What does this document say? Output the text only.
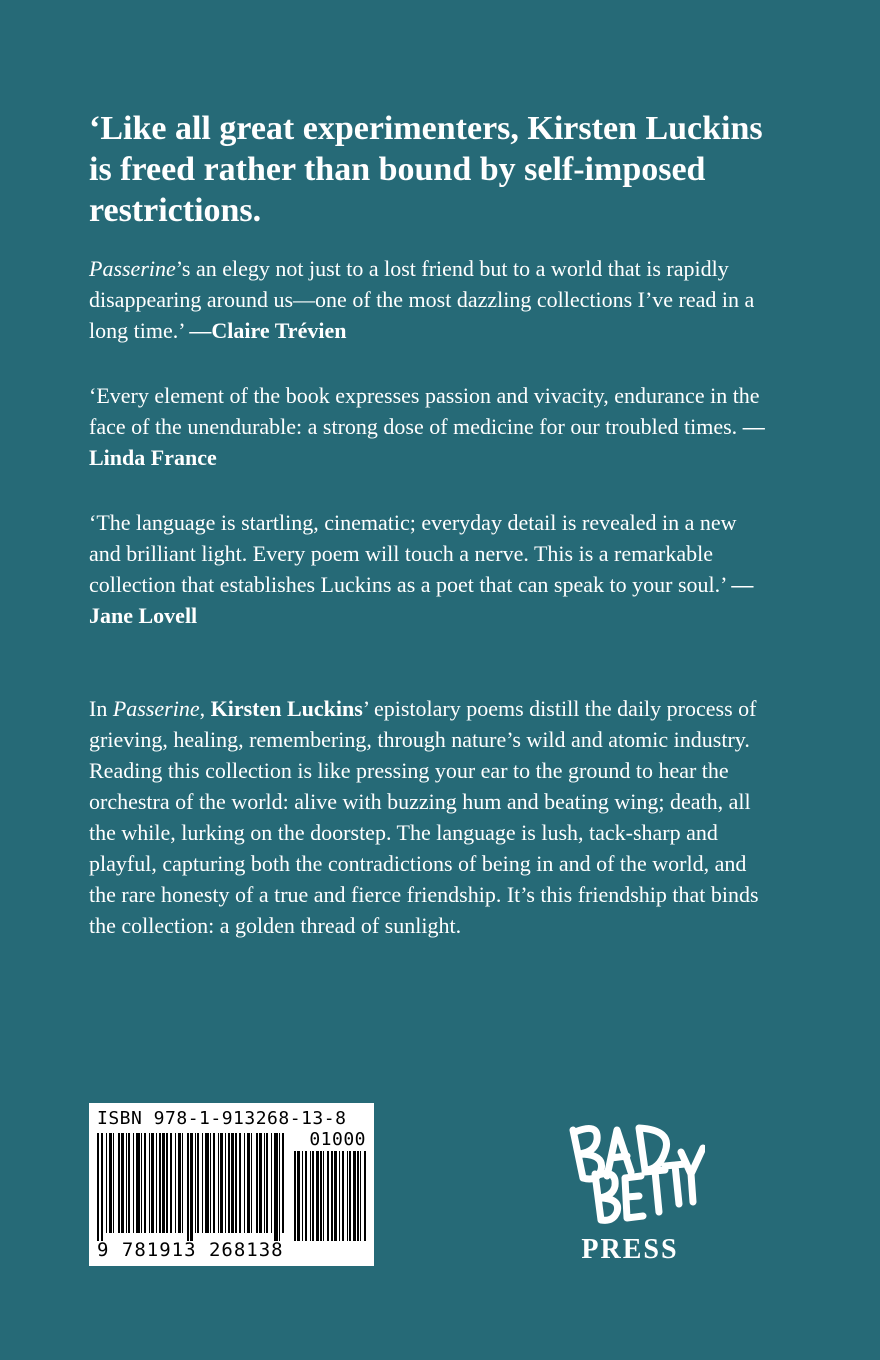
‘Like all great experimenters, Kirsten Luckins is freed rather than bound by self-imposed restrictions.

Passerine’s an elegy not just to a lost friend but to a world that is rapidly disappearing around us—one of the most dazzling collections I’ve read in a long time.’ —Claire Trévien

‘Every element of the book expresses passion and vivacity, endurance in the face of the unendurable: a strong dose of medicine for our troubled times. —Linda France

‘The language is startling, cinematic; everyday detail is revealed in a new and brilliant light. Every poem will touch a nerve. This is a remarkable collection that establishes Luckins as a poet that can speak to your soul.’ —Jane Lovell

In Passerine, Kirsten Luckins’ epistolary poems distill the daily process of grieving, healing, remembering, through nature’s wild and atomic industry. Reading this collection is like pressing your ear to the ground to hear the orchestra of the world: alive with buzzing hum and beating wing; death, all the while, lurking on the doorstep. The language is lush, tack-sharp and playful, capturing both the contradictions of being in and of the world, and the rare honesty of a true and fierce friendship. It’s this friendship that binds the collection: a golden thread of sunlight.

ISBN 978-1-913268-13-8
01000
9 781913 268138	PRESS
